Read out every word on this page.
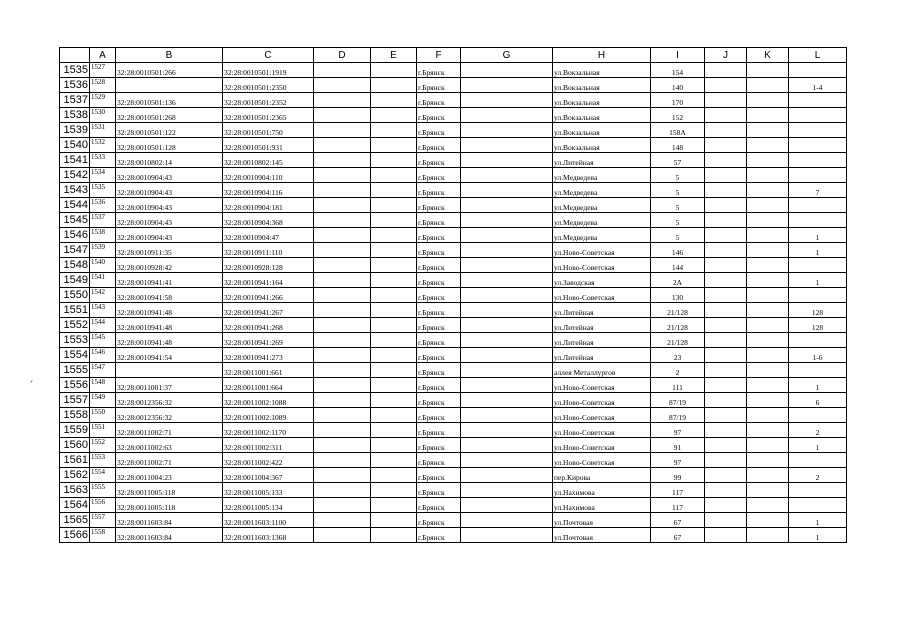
	A	B	C	D	E	F	G	H	I	J	K	L
1535	1527	32:28:0010501:266	32:28:0010501:1919			г.Брянск		ул.Вокзальная	154			
1536	1528		32:28:0010501:2350			г.Брянск		ул.Вокзальная	140			1-4
1537	1529	32:28:0010501:136	32:28:0010501:2352			г.Брянск		ул.Вокзальная	170			
1538	1530	32:28:0010501:268	32:28:0010501:2365			г.Брянск		ул.Вокзальная	152			
1539	1531	32:28:0010501:122	32:28:0010501:750			г.Брянск		ул.Вокзальная	158А			
1540	1532	32:28:0010501:128	32:28:0010501:931			г.Брянск		ул.Вокзальная	148			
1541	1533	32:28:0010802:14	32:28:0010802:145			г.Брянск		ул.Литейная	57			
1542	1534	32:28:0010904:43	32:28:0010904:110			г.Брянск		ул.Медведева	5			
1543	1535	32:28:0010904:43	32:28:0010904:116			г.Брянск		ул.Медведева	5			7
1544	1536	32:28:0010904:43	32:28:0010904:181			г.Брянск		ул.Медведева	5			
1545	1537	32:28:0010904:43	32:28:0010904:368			г.Брянск		ул.Медведева	5			
1546	1538	32:28:0010904:43	32:28:0010904:47			г.Брянск		ул.Медведева	5			1
1547	1539	32:28:0010911:35	32:28:0010911:110			г.Брянск		ул.Ново-Советская	146			1
1548	1540	32:28:0010928:42	32:28:0010928:128			г.Брянск		ул.Ново-Советская	144			
1549	1541	32:28:0010941:41	32:28:0010941:164			г.Брянск		ул.Заводская	2А			1
1550	1542	32:28:0010941:58	32:28:0010941:266			г.Брянск		ул.Ново-Советская	130			
1551	1543	32:28:0010941:48	32:28:0010941:267			г.Брянск		ул.Литейная	21/128			128
1552	1544	32:28:0010941:48	32:28:0010941:268			г.Брянск		ул.Литейная	21/128			128
1553	1545	32:28:0010941:48	32:28:0010941:269			г.Брянск		ул.Литейная	21/128			
1554	1546	32:28:0010941:54	32:28:0010941:273			г.Брянск		ул.Литейная	23			1-6
1555	1547		32:28:0011001:661			г.Брянск		аллея Металлургов	2			
1556	1548	32:28:0011001:37	32:28:0011001:664			г.Брянск		ул.Ново-Советская	111			1
1557	1549	32:28:0012356:32	32:28:0011002:1088			г.Брянск		ул.Ново-Советская	87/19			6
1558	1550	32:28:0012356:32	32:28:0011002:1089			г.Брянск		ул.Ново-Советская	87/19			
1559	1551	32:28:0011002:71	32:28:0011002:1170			г.Брянск		ул.Ново-Советская	97			2
1560	1552	32:28:0011002:63	32:28:0011002:311			г.Брянск		ул.Ново-Советская	91			1
1561	1553	32:28:0011002:71	32:28:0011002:422			г.Брянск		ул.Ново-Советская	97			
1562	1554	32:28:0011004:23	32:28:0011004:367			г.Брянск		пер.Кирова	99			2
1563	1555	32:28:0011005:118	32:28:0011005:133			г.Брянск		ул.Нахимова	117			
1564	1556	32:28:0011005:118	32:28:0011005:134			г.Брянск		ул.Нахимова	117			
1565	1557	32:28:0011603:84	32:28:0011603:1100			г.Брянск		ул.Почтовая	67			1
1566	1558	32:28:0011603:84	32:28:0011603:1368			г.Брянск		ул.Почтовая	67			1
